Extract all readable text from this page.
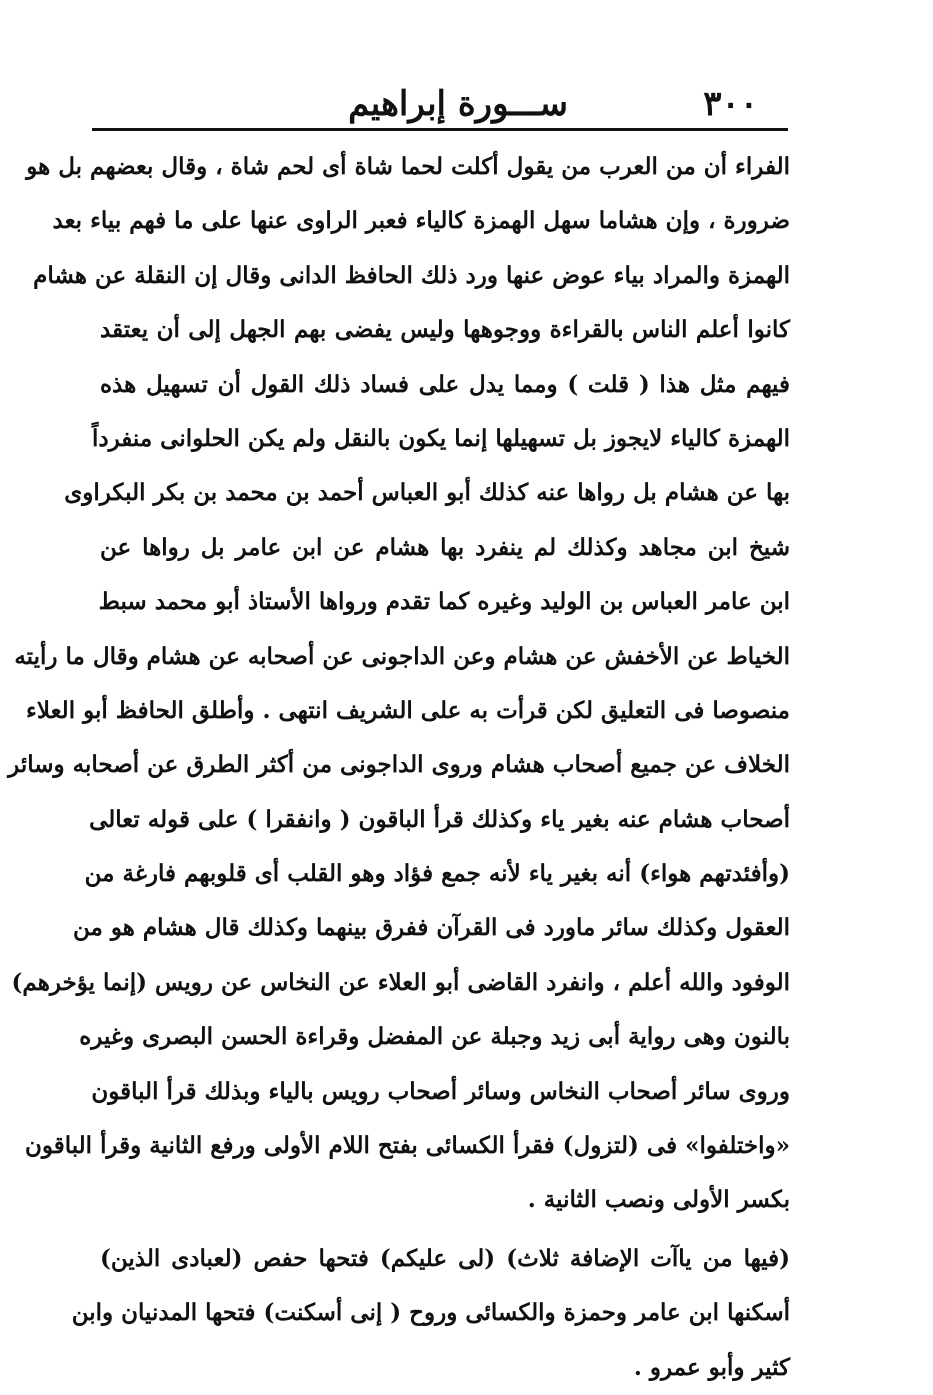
٣٠٠
ســـورة إبراهيم
الفراء أن من العرب من يقول أكلت لحما شاة أى لحم شاة ، وقال بعضهم بل هو
ضرورة ، وإن هشاما سهل الهمزة كالياء فعبر الراوى عنها على ما فهم بياء بعد
الهمزة والمراد بياء عوض عنها ورد ذلك الحافظ الدانى وقال إن النقلة عن هشام
كانوا أعلم الناس بالقراءة ووجوهها وليس يفضى بهم الجهل إلى أن يعتقد
فيهم مثل هذا ( قلت ) ومما يدل على فساد ذلك القول أن تسهيل هذه
الهمزة كالياء لايجوز بل تسهيلها إنما يكون بالنقل ولم يكن الحلوانى منفرداً
بها عن هشام بل رواها عنه كذلك أبو العباس أحمد بن محمد بن بكر البكراوى
شيخ ابن مجاهد وكذلك لم ينفرد بها هشام عن ابن عامر بل رواها عن
ابن عامر العباس بن الوليد وغيره كما تقدم ورواها الأستاذ أبو محمد سبط
الخياط عن الأخفش عن هشام وعن الداجونى عن أصحابه عن هشام وقال ما رأيته
منصوصا فى التعليق لكن قرأت به على الشريف انتهى . وأطلق الحافظ أبو العلاء
الخلاف عن جميع أصحاب هشام وروى الداجونى من أكثر الطرق عن أصحابه وسائر
أصحاب هشام عنه بغير ياء وكذلك قرأ الباقون ( وانفقرا ) على قوله تعالى
(وأفئدتهم هواء) أنه بغير ياء لأنه جمع فؤاد وهو القلب أى قلوبهم فارغة من
العقول وكذلك سائر ماورد فى القرآن ففرق بينهما وكذلك قال هشام هو من
الوفود والله أعلم ، وانفرد القاضى أبو العلاء عن النخاس عن رويس (إنما يؤخرهم)
بالنون وهى رواية أبى زيد وجبلة عن المفضل وقراءة الحسن البصرى وغيره
وروى سائر أصحاب النخاس وسائر أصحاب رويس بالياء وبذلك قرأ الباقون
«واختلفوا» فى (لتزول) فقرأ الكسائى بفتح اللام الأولى ورفع الثانية وقرأ الباقون
بكسر الأولى ونصب الثانية .
(فيها من ياآت الإضافة ثلاث) (لى عليكم) فتحها حفص (لعبادى الذين)
أسكنها ابن عامر وحمزة والكسائى وروح ( إنى أسكنت) فتحها المدنيان وابن
كثير وأبو عمرو .
